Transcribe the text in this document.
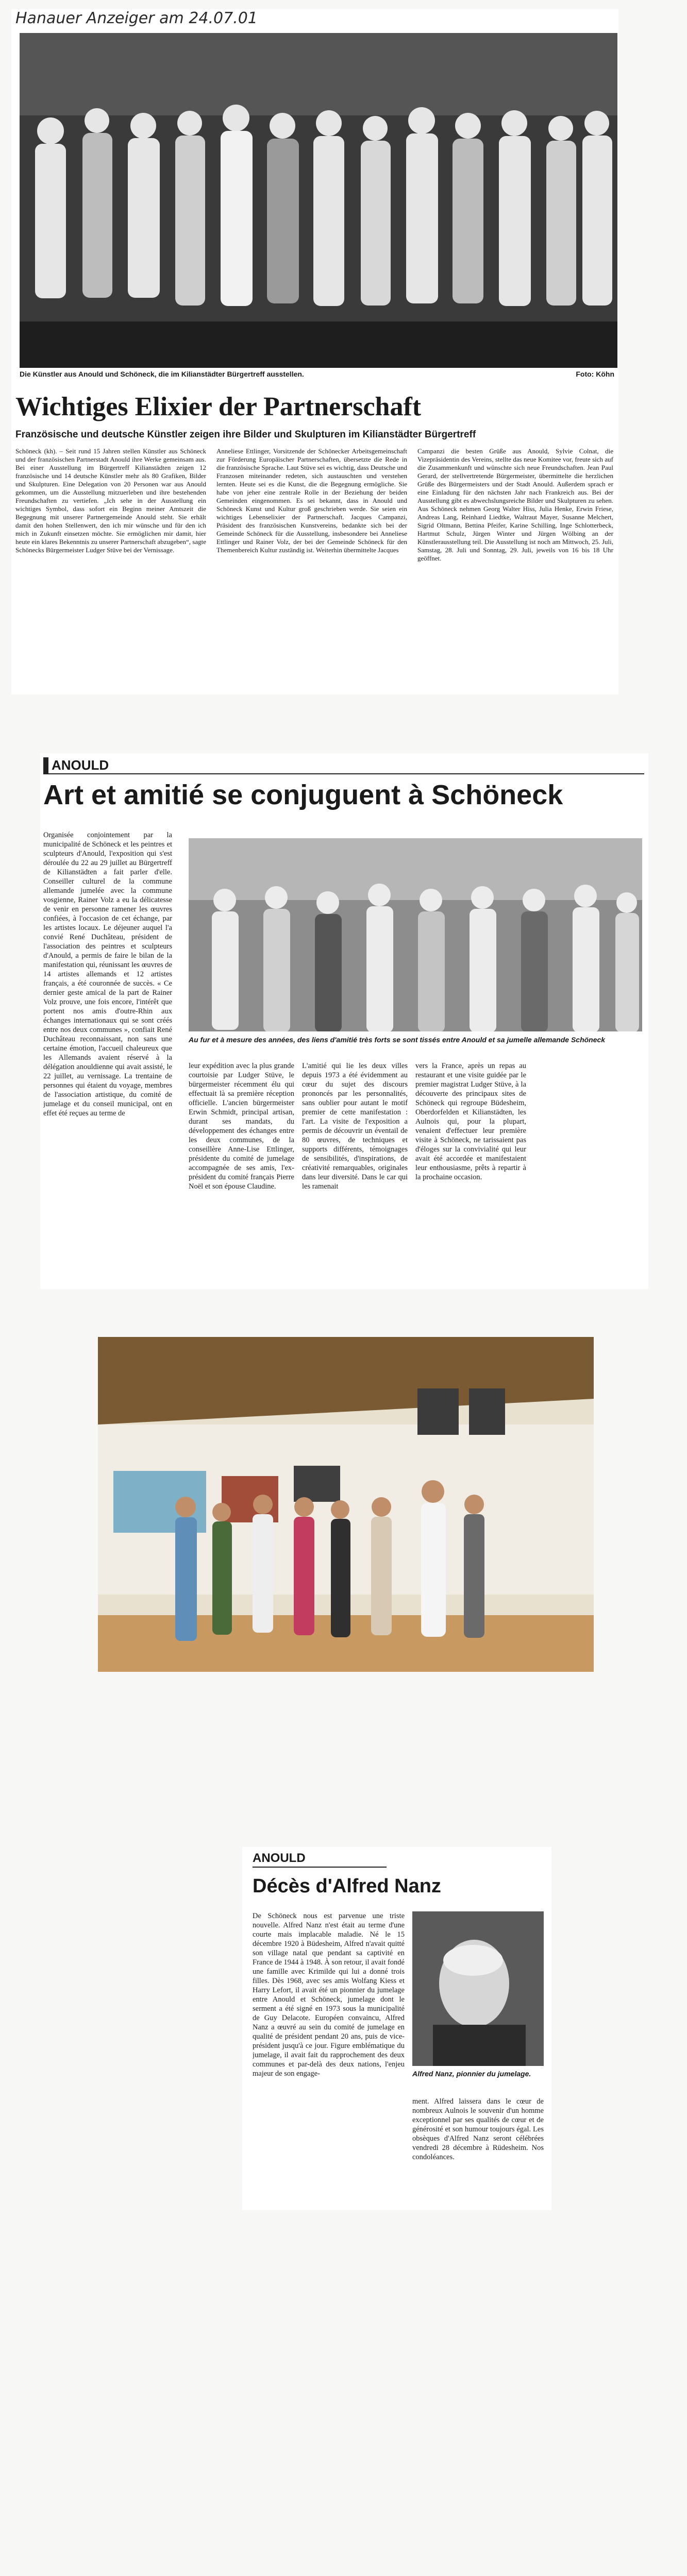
Hanauer Anzeiger am 24.07.01
Die Künstler aus Anould und Schöneck, die im Kilianstädter Bürgertreff ausstellen.	Foto: Köhn
Wichtiges Elixier der Partnerschaft
Französische und deutsche Künstler zeigen ihre Bilder und Skulpturen im Kilianstädter Bürgertreff
Schöneck (kh). – Seit rund 15 Jahren stellen Künstler aus Schöneck und der französischen Partnerstadt Anould ihre Werke gemeinsam aus. Bei einer Ausstellung im Bürgertreff Kilianstädten zeigen 12 französische und 14 deutsche Künstler mehr als 80 Grafiken, Bilder und Skulpturen. Eine Delegation von 20 Personen war aus Anould gekommen, um die Ausstellung mitzuerleben und ihre bestehenden Freundschaften zu vertiefen. „Ich sehe in der Ausstellung ein wichtiges Symbol, dass sofort ein Beginn meiner Amtszeit die Begegnung mit unserer Partnergemeinde Anould steht. Sie erhält damit den hohen Stellenwert, den ich mir wünsche und für den ich mich in Zukunft einsetzen möchte. Sie ermöglichen mir damit, hier heute ein klares Bekenntnis zu unserer Partnerschaft abzugeben“, sagte Schönecks Bürgermeister Ludger Stüve bei der Vernissage.
Anneliese Ettlinger, Vorsitzende der Schönecker Arbeitsgemeinschaft zur Förderung Europäischer Partnerschaften, übersetzte die Rede in die französische Sprache. Laut Stüve sei es wichtig, dass Deutsche und Franzosen miteinander redeten, sich austauschten und verstehen lernten. Heute sei es die Kunst, die die Begegnung ermögliche. Sie habe von jeher eine zentrale Rolle in der Beziehung der beiden Gemeinden eingenommen. Es sei bekannt, dass in Anould und Schöneck Kunst und Kultur groß geschrieben werde. Sie seien ein wichtiges Lebenselixier der Partnerschaft. Jacques Campanzi, Präsident des französischen Kunstvereins, bedankte sich bei der Gemeinde Schöneck für die Ausstellung, insbesondere bei Anneliese Ettlinger und Rainer Volz, der bei der Gemeinde Schöneck für den Themenbereich Kultur zuständig ist. Weiterhin übermittelte Jacques
Campanzi die besten Grüße aus Anould, Sylvie Colnat, die Vizepräsidentin des Vereins, stellte das neue Komitee vor, freute sich auf die Zusammenkunft und wünschte sich neue Freundschaften. Jean Paul Gerard, der stellvertretende Bürgermeister, übermittelte die herzlichen Grüße des Bürgermeisters und der Stadt Anould. Außerdem sprach er eine Einladung für den nächsten Jahr nach Frankreich aus. Bei der Ausstellung gibt es abwechslungsreiche Bilder und Skulpturen zu sehen. Aus Schöneck nehmen Georg Walter Hiss, Julia Henke, Erwin Friese, Andreas Lang, Reinhard Liedtke, Waltraut Mayer, Susanne Melchert, Sigrid Oltmann, Bettina Pfeifer, Karine Schilling, Inge Schlotterbeck, Hartmut Schulz, Jürgen Winter und Jürgen Wölbing an der Künstlerausstellung teil. Die Ausstellung ist noch am Mittwoch, 25. Juli, Samstag, 28. Juli und Sonntag, 29. Juli, jeweils von 16 bis 18 Uhr geöffnet.
ANOULD
Art et amitié se conjuguent à Schöneck
Organisée conjointement par la municipalité de Schöneck et les peintres et sculpteurs d'Anould, l'exposition qui s'est déroulée du 22 au 29 juillet au Bürgertreff de Kilianstädten a fait parler d'elle. Conseiller culturel de la commune allemande jumelée avec la commune vosgienne, Rainer Volz a eu la délicatesse de venir en personne ramener les œuvres confiées, à l'occasion de cet échange, par les artistes locaux. Le déjeuner auquel l'a convié René Duchâteau, président de l'association des peintres et sculpteurs d'Anould, a permis de faire le bilan de la manifestation qui, réunissant les œuvres de 14 artistes allemands et 12 artistes français, a été couronnée de succès. « Ce dernier geste amical de la part de Rainer Volz prouve, une fois encore, l'intérêt que portent nos amis d'outre-Rhin aux échanges internationaux qui se sont créés entre nos deux communes », confiait René Duchâteau reconnaissant, non sans une certaine émotion, l'accueil chaleureux que les Allemands avaient réservé à la délégation anouldienne qui avait assisté, le 22 juillet, au vernissage. La trentaine de personnes qui étaient du voyage, membres de l'association artistique, du comité de jumelage et du conseil municipal, ont en effet été reçues au terme de
Au fur et à mesure des années, des liens d'amitié très forts se sont tissés entre Anould et sa jumelle allemande Schöneck
leur expédition avec la plus grande courtoisie par Ludger Stüve, le bürgermeister récemment élu qui effectuait là sa première réception officielle. L'ancien bürgermeister Erwin Schmidt, principal artisan, durant ses mandats, du développement des échanges entre les deux communes, de la conseillère Anne-Lise Ettlinger, présidente du comité de jumelage accompagnée de ses amis, l'ex-président du comité français Pierre Noël et son épouse Claudine.
L'amitié qui lie les deux villes depuis 1973 a été évidemment au cœur du sujet des discours prononcés par les personnalités, sans oublier pour autant le motif premier de cette manifestation : l'art. La visite de l'exposition a permis de découvrir un éventail de 80 œuvres, de techniques et supports différents, témoignages de sensibilités, d'inspirations, de créativité remarquables, originales dans leur diversité. Dans le car qui les ramenait
vers la France, après un repas au restaurant et une visite guidée par le premier magistrat Ludger Stüve, à la découverte des principaux sites de Schöneck qui regroupe Büdesheim, Oberdorfelden et Kilianstädten, les Aulnois qui, pour la plupart, venaient d'effectuer leur première visite à Schöneck, ne tarissaient pas d'éloges sur la convivialité qui leur avait été accordée et manifestaient leur enthousiasme, prêts à repartir à la prochaine occasion.
ANOULD
Décès d'Alfred Nanz
De Schöneck nous est parvenue une triste nouvelle. Alfred Nanz n'est était au terme d'une courte mais implacable maladie. Né le 15 décembre 1920 à Büdesheim, Alfred n'avait quitté son village natal que pendant sa captivité en France de 1944 à 1948. À son retour, il avait fondé une famille avec Krimilde qui lui a donné trois filles. Dès 1968, avec ses amis Wolfang Kiess et Harry Lefort, il avait été un pionnier du jumelage entre Anould et Schöneck, jumelage dont le serment a été signé en 1973 sous la municipalité de Guy Delacote. Européen convaincu, Alfred Nanz a œuvré au sein du comité de jumelage en qualité de président pendant 20 ans, puis de vice-président jusqu'à ce jour. Figure emblématique du jumelage, il avait fait du rapprochement des deux communes et par-delà des deux nations, l'enjeu majeur de son engage-	Alfred Nanz, pionnier du jumelage.
ment. Alfred laissera dans le cœur de nombreux Aulnois le souvenir d'un homme exceptionnel par ses qualités de cœur et de générosité et son humour toujours égal. Les obsèques d'Alfred Nanz seront célébrées vendredi 28 décembre à Rüdesheim. Nos condoléances.
